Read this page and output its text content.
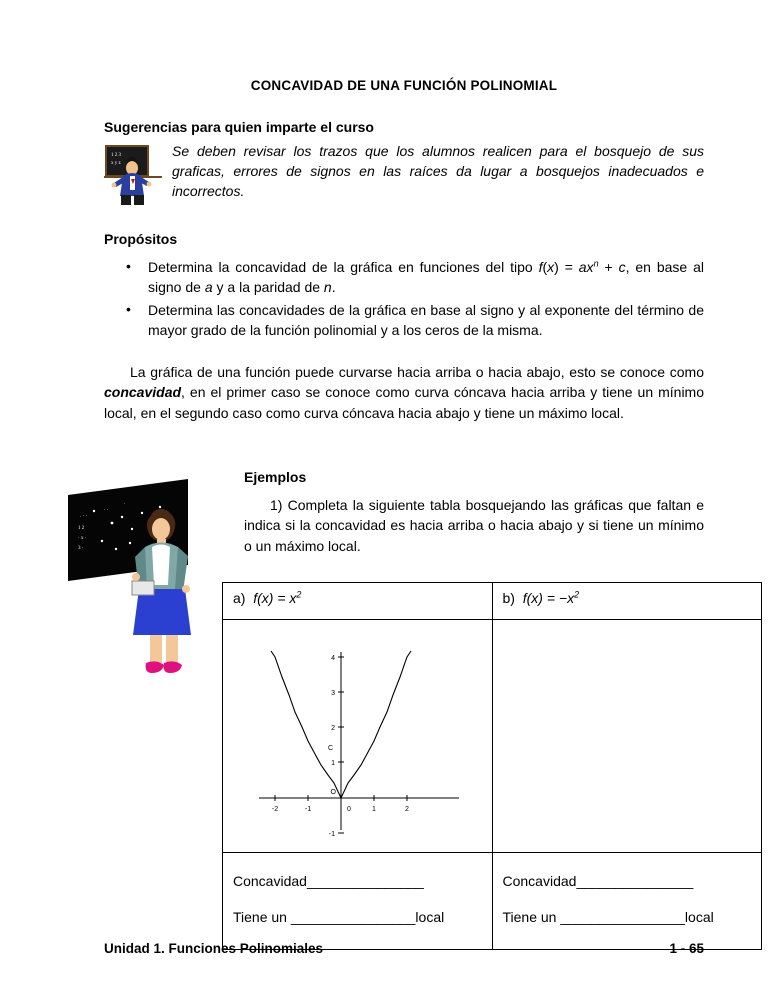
CONCAVIDAD DE UNA FUNCIÓN POLINOMIAL
Sugerencias para quien imparte el curso
1 2 3
x y z
Se deben revisar los trazos que los alumnos realicen para el bosquejo de sus graficas, errores de signos en las raíces da lugar a bosquejos inadecuados e incorrectos.
Propósitos
• Determina la concavidad de la gráfica en funciones del tipo $f(x) = ax^n + c$, en base al signo de a y a la paridad de n.
• Determina las concavidades de la gráfica en base al signo y al exponente del término de mayor grado de la función polinomial y a los ceros de la misma.
La gráfica de una función puede curvarse hacia arriba o hacia abajo, esto se conoce como concavidad, en el primer caso se conoce como curva cóncava hacia arriba y tiene un mínimo local, en el segundo caso como curva cóncava hacia abajo y tiene un máximo local.
. · ·
1 2
· x ·
3 ·
· ·
·
Ejemplos
1) Completa la siguiente tabla bosquejando las gráficas que faltan e indica si la concavidad es hacia arriba o hacia abajo y si tiene un mínimo o un máximo local.
a) $f(x) = x^2$	b) $f(x) = -x^2$

-2	-1	0	1	2
1
2
3
4
-1
C
O

Concavidad_______________
Tiene un ________________local

Concavidad_______________
Tiene un ________________local
Unidad 1. Funciones Polinomiales	1 - 65
